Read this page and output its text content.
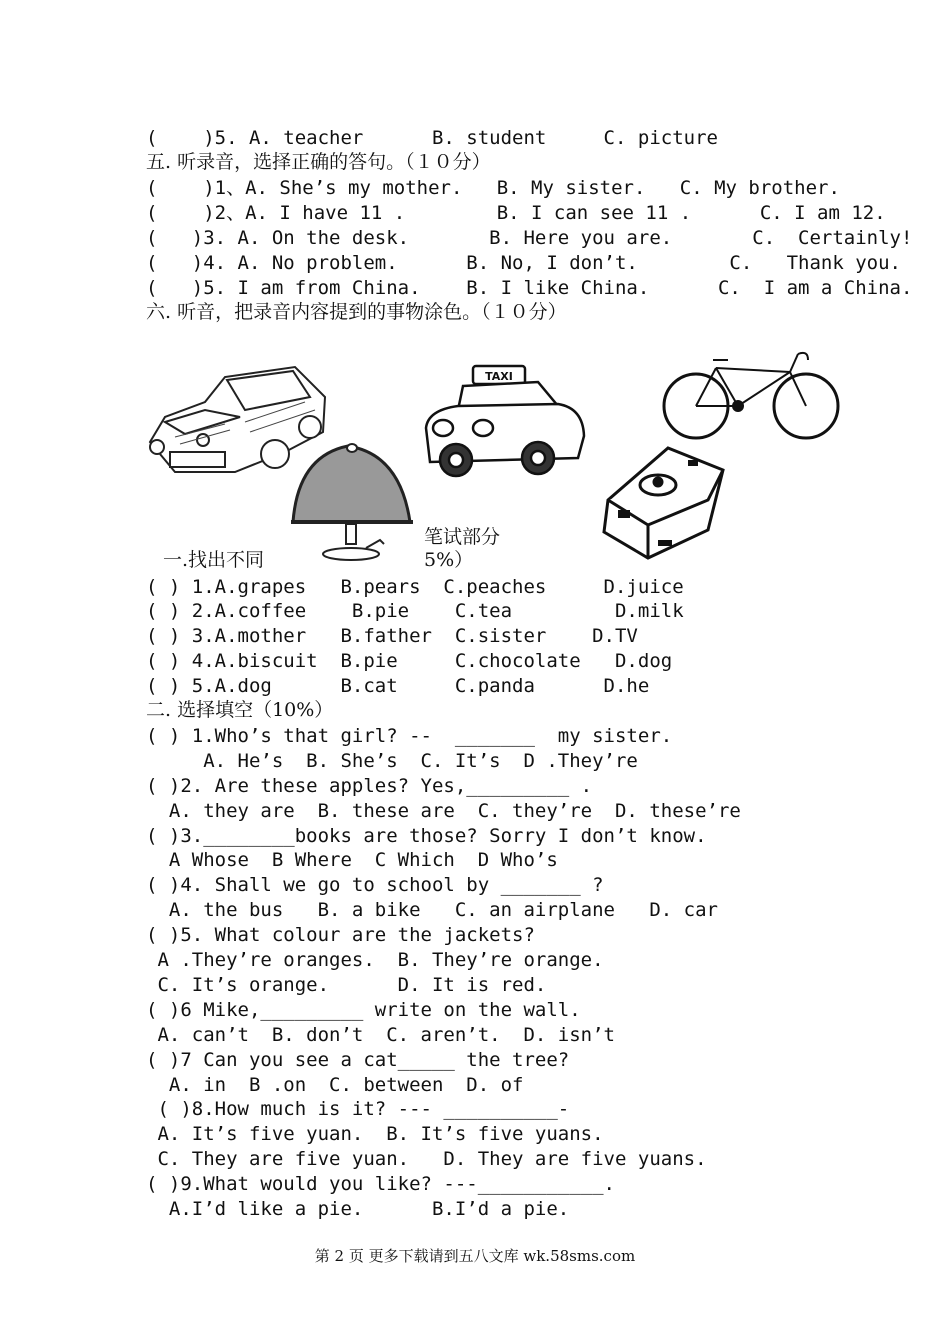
(    )5. A. teacher      B. student     C. picture
五. 听录音，选择正确的答句。（１０分）
(    )1、A. She’s my mother.   B. My sister.   C. My brother.
(    )2、A. I have 11 .        B. I can see 11 .      C. I am 12.
(   )3. A. On the desk.       B. Here you are.       C.  Certainly!
(   )4. A. No problem.      B. No, I don’t.        C.   Thank you.
(   )5. I am from China.    B. I like China.      C.  I am a China.
六. 听音，把录音内容提到的事物涂色。（１０分）
TAXI
笔试部分
一.找出不同	5%）
( ) 1.A.grapes   B.pears  C.peaches     D.juice
( ) 2.A.coffee    B.pie    C.tea         D.milk
( ) 3.A.mother   B.father  C.sister    D.TV
( ) 4.A.biscuit  B.pie     C.chocolate   D.dog
( ) 5.A.dog      B.cat     C.panda      D.he
二. 选择填空（10%）
( ) 1.Who’s that girl? --  _______  my sister.
A. He’s  B. She’s  C. It’s  D .They’re
( )2. Are these apples? Yes,_________ .
A. they are  B. these are  C. they’re  D. these’re
( )3.________books are those? Sorry I don’t know.
A Whose  B Where  C Which  D Who’s
( )4. Shall we go to school by _______ ?
A. the bus   B. a bike   C. an airplane   D. car
( )5. What colour are the jackets?
A .They’re oranges.  B. They’re orange.
C. It’s orange.      D. It is red.
( )6 Mike,_________ write on the wall.
A. can’t  B. don’t  C. aren’t.  D. isn’t
( )7 Can you see a cat_____ the tree?
A. in  B .on  C. between  D. of
( )8.How much is it? --- __________-
A. It’s five yuan.  B. It’s five yuans.
C. They are five yuan.   D. They are five yuans.
( )9.What would you like? ---___________.
A.I’d like a pie.      B.I’d a pie.
第 2 页 更多下载请到五八文库 wk.58sms.com
